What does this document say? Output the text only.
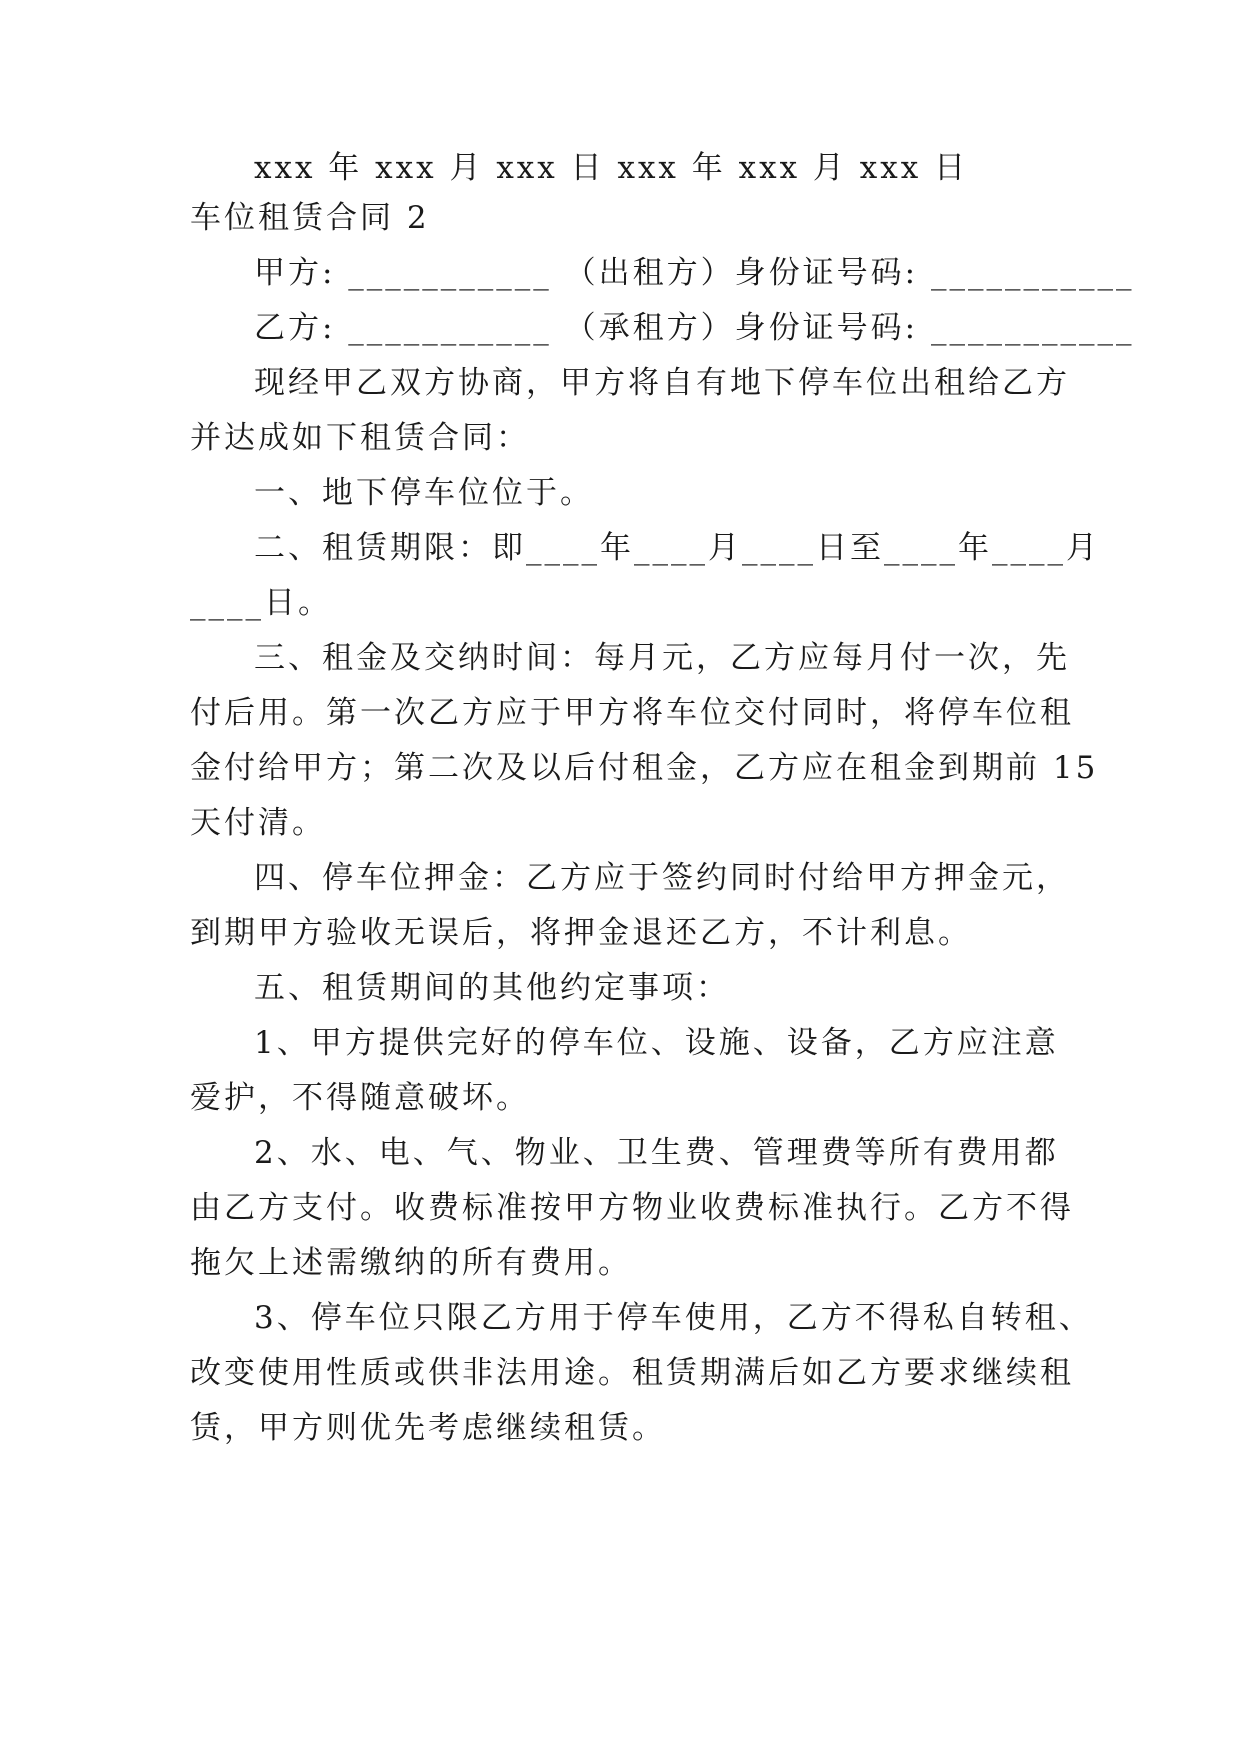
xxx 年 xxx 月 xxx 日 xxx 年 xxx 月 xxx 日
车位租赁合同 2
甲方: ___________ （出租方）身份证号码: ___________
乙方: ___________ （承租方）身份证号码: ___________
现经甲乙双方协商，甲方将自有地下停车位出租给乙方
并达成如下租赁合同：
一、地下停车位位于。
二、租赁期限：即____年____月____日至____年____月
____日。
三、租金及交纳时间：每月元，乙方应每月付一次，先
付后用。第一次乙方应于甲方将车位交付同时，将停车位租
金付给甲方；第二次及以后付租金，乙方应在租金到期前 15
天付清。
四、停车位押金：乙方应于签约同时付给甲方押金元，
到期甲方验收无误后，将押金退还乙方，不计利息。
五、租赁期间的其他约定事项：
1、甲方提供完好的停车位、设施、设备，乙方应注意
爱护，不得随意破坏。
2、水、电、气、物业、卫生费、管理费等所有费用都
由乙方支付。收费标准按甲方物业收费标准执行。乙方不得
拖欠上述需缴纳的所有费用。
3、停车位只限乙方用于停车使用，乙方不得私自转租、
改变使用性质或供非法用途。租赁期满后如乙方要求继续租
赁，甲方则优先考虑继续租赁。
